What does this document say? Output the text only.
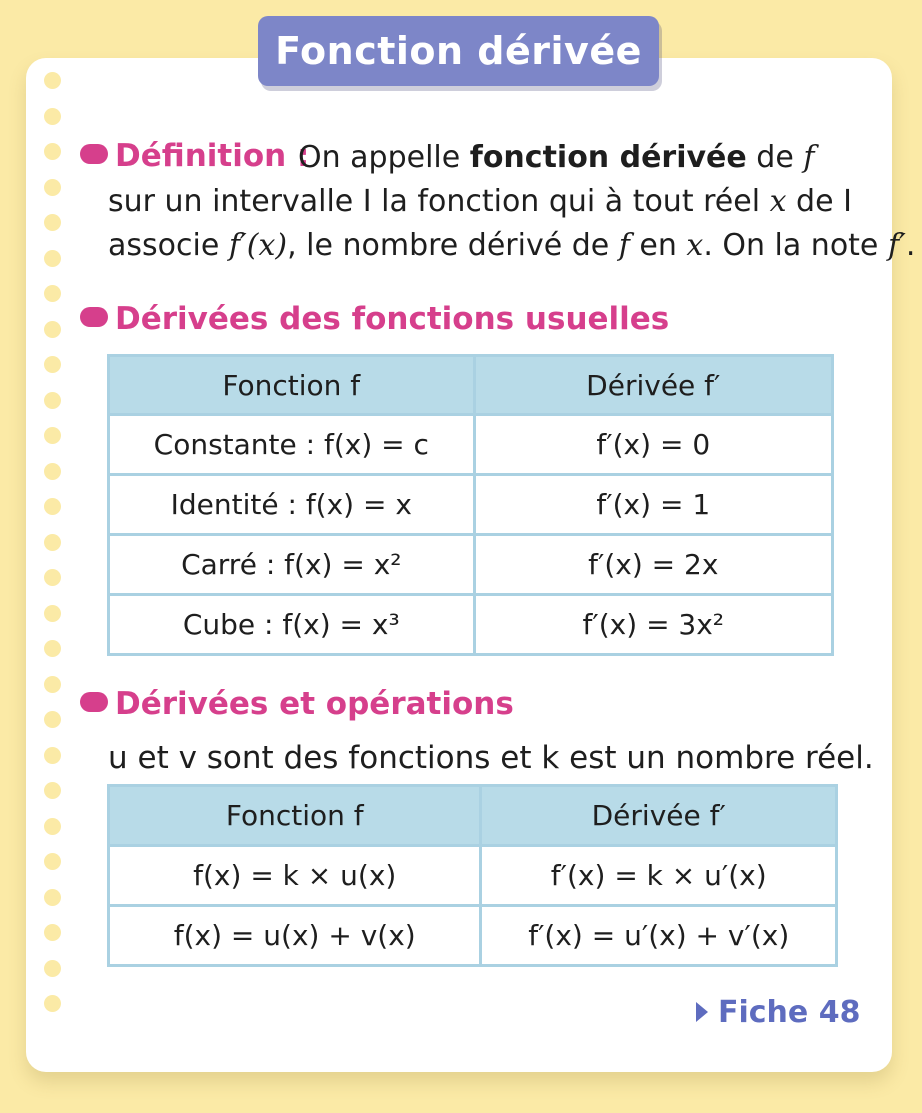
Fonction dérivée
Définition :
On appelle fonction dérivée de f
sur un intervalle I la fonction qui à tout réel x de I
associe f′(x), le nombre dérivé de f en x. On la note f′.
Dérivées des fonctions usuelles
Fonction f	Dérivée f′
Constante : f(x) = c	f′(x) = 0
Identité : f(x) = x	f′(x) = 1
Carré : f(x) = x²	f′(x) = 2x
Cube : f(x) = x³	f′(x) = 3x²
Dérivées et opérations
u et v sont des fonctions et k est un nombre réel.
Fonction f	Dérivée f′
f(x) = k × u(x)	f′(x) = k × u′(x)
f(x) = u(x) + v(x)	f′(x) = u′(x) + v′(x)
Fiche 48
